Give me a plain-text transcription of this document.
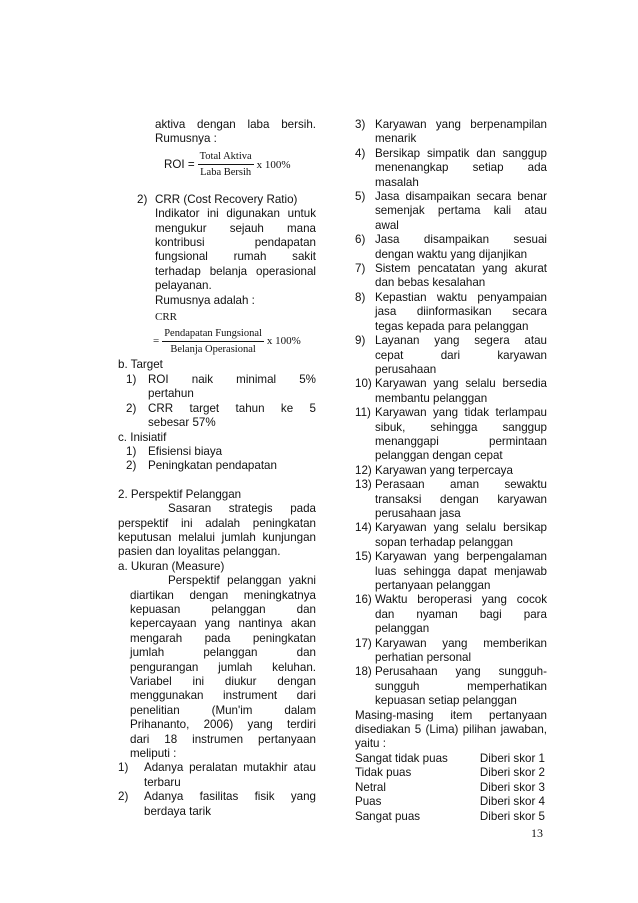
aktiva dengan laba bersih.
Rumusnya :
ROI = $\frac{\text{Total Aktiva}}{\text{Laba Bersih}}$ x 100%
2) CRR (Cost Recovery Ratio)
Indikator ini digunakan untuk
mengukur sejauh mana
kontribusi pendapatan
fungsional rumah sakit
terhadap belanja operasional
pelayanan.
Rumusnya adalah :
CRR
= $\frac{\text{Pendapatan Fungsional}}{\text{Belanja Operasional}}$ x 100%
b. Target
1) ROI naik minimal 5%
pertahun
2) CRR target tahun ke 5
sebesar 57%
c. Inisiatif
1) Efisiensi biaya
2) Peningkatan pendapatan
2. Perspektif Pelanggan
Sasaran strategis pada
perspektif ini adalah peningkatan
keputusan melalui jumlah kunjungan
pasien dan loyalitas pelanggan.
a. Ukuran (Measure)
Perspektif pelanggan yakni
diartikan dengan meningkatnya
kepuasan pelanggan dan
kepercayaan yang nantinya akan
mengarah pada peningkatan
jumlah pelanggan dan
pengurangan jumlah keluhan.
Variabel ini diukur dengan
menggunakan instrument dari
penelitian (Mun'im dalam
Prihananto, 2006) yang terdiri
dari 18 instrumen pertanyaan
meliputi :
1) Adanya peralatan mutakhir atau
terbaru
2) Adanya fasilitas fisik yang
berdaya tarik
3) Karyawan yang berpenampilan
menarik
4) Bersikap simpatik dan sanggup
menenangkap setiap ada
masalah
5) Jasa disampaikan secara benar
semenjak pertama kali atau
awal
6) Jasa disampaikan sesuai
dengan waktu yang dijanjikan
7) Sistem pencatatan yang akurat
dan bebas kesalahan
8) Kepastian waktu penyampaian
jasa diinformasikan secara
tegas kepada para pelanggan
9) Layanan yang segera atau
cepat dari karyawan
perusahaan
10) Karyawan yang selalu bersedia
membantu pelanggan
11) Karyawan yang tidak terlampau
sibuk, sehingga sanggup
menanggapi permintaan
pelanggan dengan cepat
12) Karyawan yang terpercaya
13) Perasaan aman sewaktu
transaksi dengan karyawan
perusahaan jasa
14) Karyawan yang selalu bersikap
sopan terhadap pelanggan
15) Karyawan yang berpengalaman
luas sehingga dapat menjawab
pertanyaan pelanggan
16) Waktu beroperasi yang cocok
dan nyaman bagi para
pelanggan
17) Karyawan yang memberikan
perhatian personal
18) Perusahaan yang sungguh-
sungguh memperhatikan
kepuasan setiap pelanggan
Masing-masing item pertanyaan
disediakan 5 (Lima) pilihan jawaban,
yaitu :
Sangat tidak puas	Diberi skor 1
Tidak puas	Diberi skor 2
Netral	Diberi skor 3
Puas	Diberi skor 4
Sangat puas	Diberi skor 5
13
